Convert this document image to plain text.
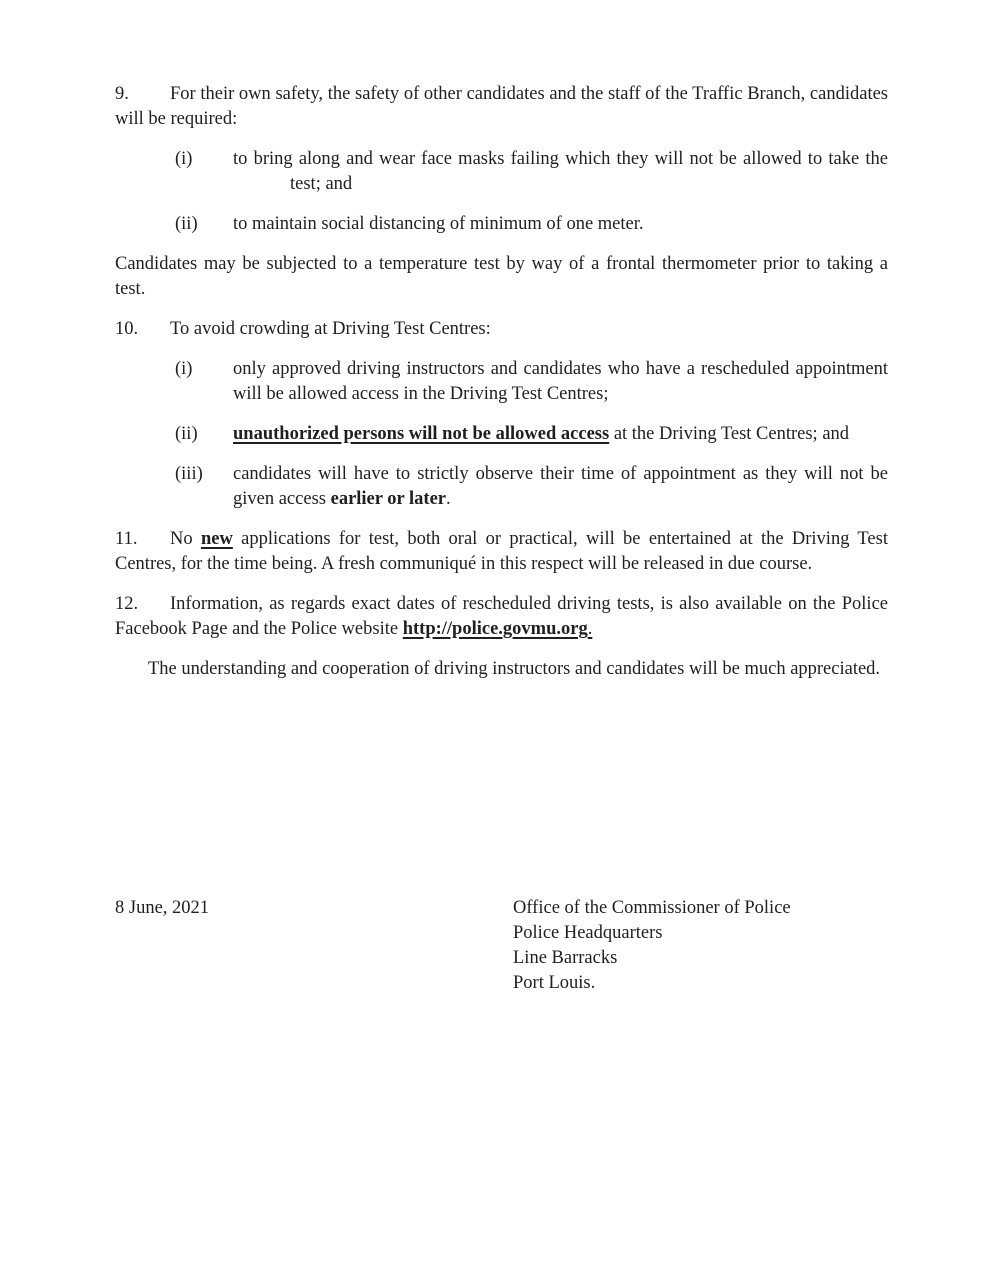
9. For their own safety, the safety of other candidates and the staff of the Traffic Branch, candidates will be required:

(i)	to bring along and wear face masks failing which they will not be allowed to take the test; and
(ii)	to maintain social distancing of minimum of one meter.

Candidates may be subjected to a temperature test by way of a frontal thermometer prior to taking a test.

10. To avoid crowding at Driving Test Centres:

(i)	only approved driving instructors and candidates who have a rescheduled appointment will be allowed access in the Driving Test Centres;
(ii)	unauthorized persons will not be allowed access at the Driving Test Centres; and
(iii)	candidates will have to strictly observe their time of appointment as they will not be given access earlier or later.

11. No new applications for test, both oral or practical, will be entertained at the Driving Test Centres, for the time being. A fresh communiqué in this respect will be released in due course.

12. Information, as regards exact dates of rescheduled driving tests, is also available on the Police Facebook Page and the Police website http://police.govmu.org.

The understanding and cooperation of driving instructors and candidates will be much appreciated.

8 June, 2021	Office of the Commissioner of Police
Police Headquarters
Line Barracks
Port Louis.
